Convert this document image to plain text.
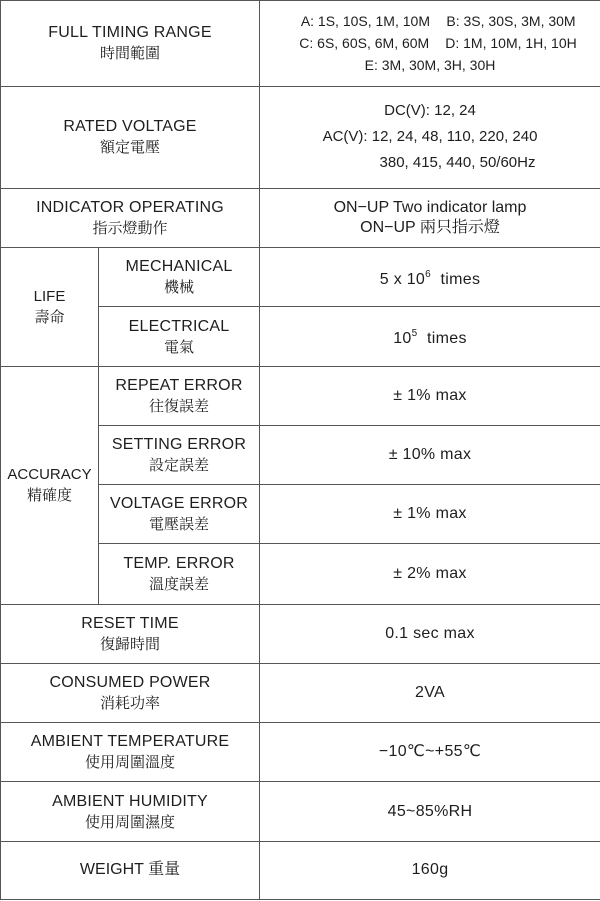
FULL TIMING RANGE
時間範圍		A: 1S, 10S, 1M, 10M B: 3S, 30S, 3M, 30M
C: 6S, 60S, 6M, 60M D: 1M, 10M, 1H, 10H
E: 3M, 30M, 3H, 30H

RATED VOLTAGE
額定電壓		DC(V): 12, 24
AC(V): 12, 24, 48, 110, 220, 240
380, 415, 440, 50/60Hz

INDICATOR OPERATING
指示燈動作		ON−UP Two indicator lamp
ON−UP 兩只指示燈

LIFE
壽命	MECHANICAL
機械	5 x $10^6$ times

	ELECTRICAL
電氣	$10^5$ times

ACCURACY
精確度	REPEAT ERROR
往復誤差	± 1% max

	SETTING ERROR
設定誤差	± 10% max

	VOLTAGE ERROR
電壓誤差	± 1% max

	TEMP. ERROR
溫度誤差	± 2% max

RESET TIME
復歸時間		0.1 sec max

CONSUMED POWER
消耗功率		2VA

AMBIENT TEMPERATURE
使用周圍溫度		−10℃~+55℃

AMBIENT HUMIDITY
使用周圍濕度		45~85%RH
WEIGHT 重量		160g
